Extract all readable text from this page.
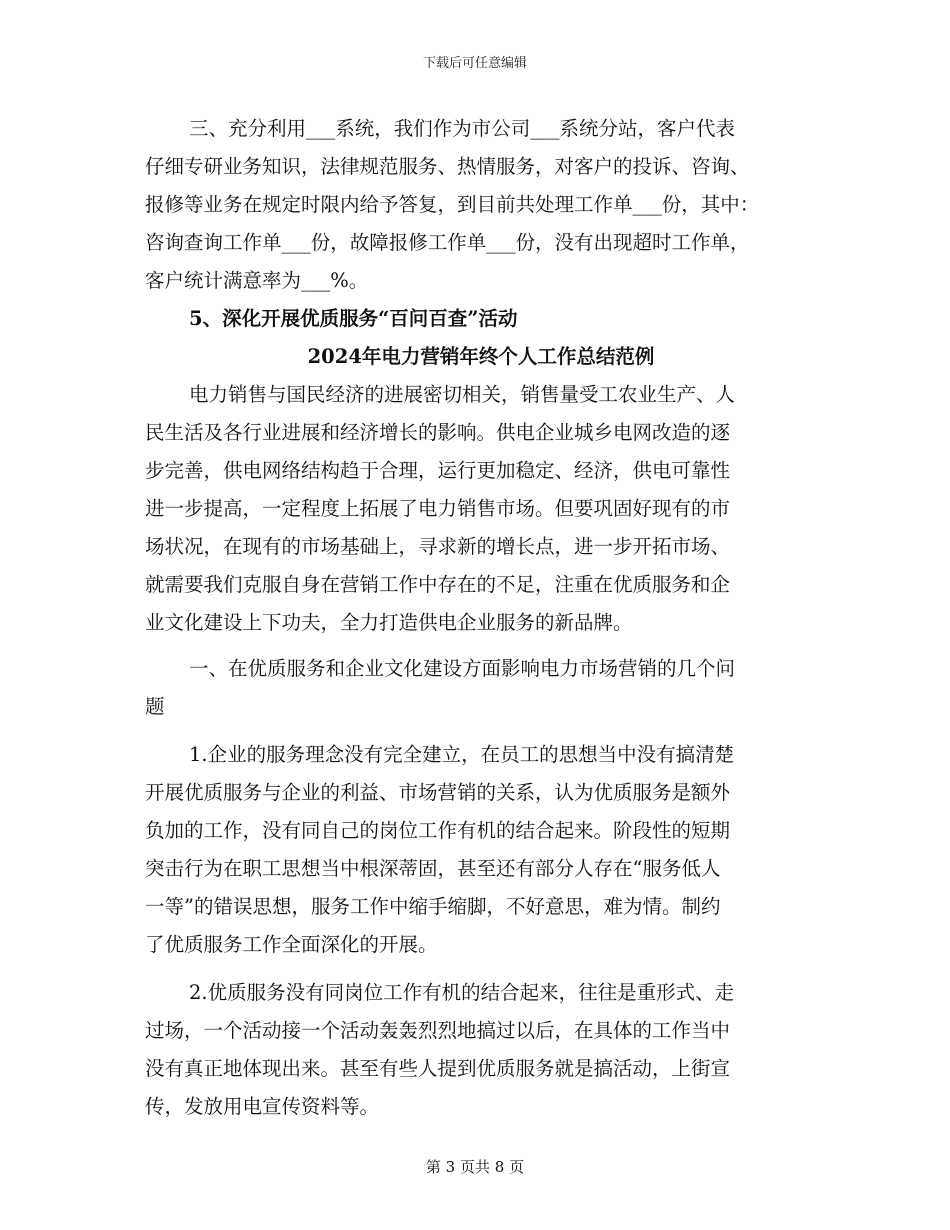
下载后可任意编辑
三、充分利用___系统，我们作为市公司___系统分站，客户代表
仔细专研业务知识，法律规范服务、热情服务，对客户的投诉、咨询、
报修等业务在规定时限内给予答复，到目前共处理工作单___份，其中：
咨询查询工作单___份，故障报修工作单___份，没有出现超时工作单，
客户统计满意率为___%。
5、深化开展优质服务“百问百查”活动
2024年电力营销年终个人工作总结范例
电力销售与国民经济的进展密切相关，销售量受工农业生产、人
民生活及各行业进展和经济增长的影响。供电企业城乡电网改造的逐
步完善，供电网络结构趋于合理，运行更加稳定、经济，供电可靠性
进一步提高，一定程度上拓展了电力销售市场。但要巩固好现有的市
场状况，在现有的市场基础上，寻求新的增长点，进一步开拓市场、
就需要我们克服自身在营销工作中存在的不足，注重在优质服务和企
业文化建设上下功夫，全力打造供电企业服务的新品牌。
一、在优质服务和企业文化建设方面影响电力市场营销的几个问
题
1.企业的服务理念没有完全建立，在员工的思想当中没有搞清楚
开展优质服务与企业的利益、市场营销的关系，认为优质服务是额外
负加的工作，没有同自己的岗位工作有机的结合起来。阶段性的短期
突击行为在职工思想当中根深蒂固，甚至还有部分人存在“服务低人
一等”的错误思想，服务工作中缩手缩脚，不好意思，难为情。制约
了优质服务工作全面深化的开展。
2.优质服务没有同岗位工作有机的结合起来，往往是重形式、走
过场，一个活动接一个活动轰轰烈烈地搞过以后，在具体的工作当中
没有真正地体现出来。甚至有些人提到优质服务就是搞活动，上街宣
传，发放用电宣传资料等。
第 3 页共 8 页
